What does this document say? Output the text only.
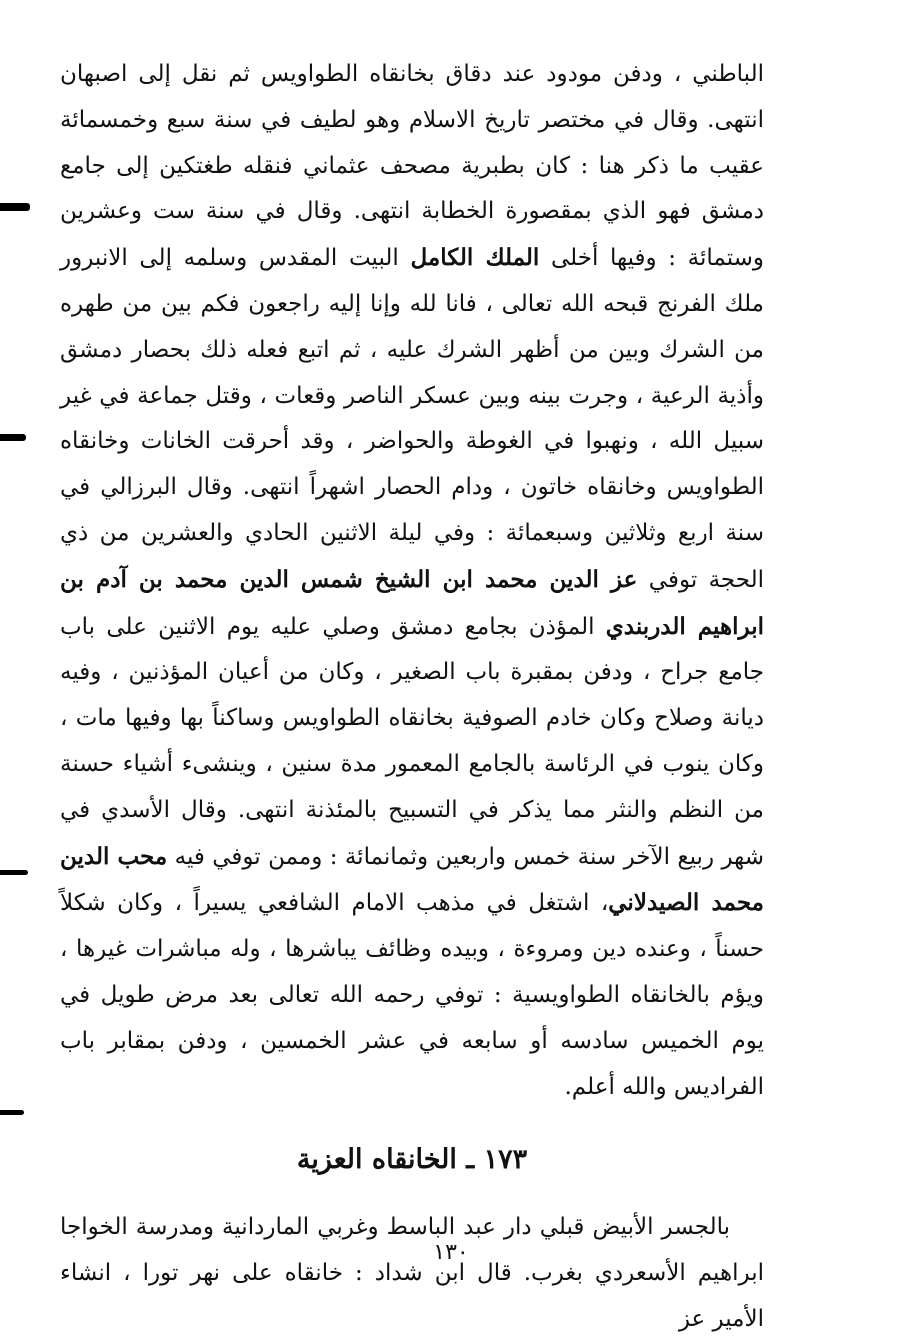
الباطني ، ودفن مودود عند دقاق بخانقاه الطواويس ثم نقل إلى اصبهان انتهى. وقال في مختصر تاريخ الاسلام وهو لطيف في سنة سبع وخمسمائة عقيب ما ذكر هنا : كان بطبرية مصحف عثماني فنقله طغتكين إلى جامع دمشق فهو الذي بمقصورة الخطابة انتهى. وقال في سنة ست وعشرين وستمائة : وفيها أخلى الملك الكامل البيت المقدس وسلمه إلى الانبرور ملك الفرنج قبحه الله تعالى ، فانا لله وإنا إليه راجعون فكم بين من طهره من الشرك وبين من أظهر الشرك عليه ، ثم اتبع فعله ذلك بحصار دمشق وأذية الرعية ، وجرت بينه وبين عسكر الناصر وقعات ، وقتل جماعة في غير سبيل الله ، ونهبوا في الغوطة والحواضر ، وقد أحرقت الخانات وخانقاه الطواويس وخانقاه خاتون ، ودام الحصار اشهراً انتهى. وقال البرزالي في سنة اربع وثلاثين وسبعمائة : وفي ليلة الاثنين الحادي والعشرين من ذي الحجة توفي عز الدين محمد ابن الشيخ شمس الدين محمد بن آدم بن ابراهيم الدربندي المؤذن بجامع دمشق وصلي عليه يوم الاثنين على باب جامع جراح ، ودفن بمقبرة باب الصغير ، وكان من أعيان المؤذنين ، وفيه ديانة وصلاح وكان خادم الصوفية بخانقاه الطواويس وساكناً بها وفيها مات ، وكان ينوب في الرئاسة بالجامع المعمور مدة سنين ، وينشىء أشياء حسنة من النظم والنثر مما يذكر في التسبيح بالمئذنة انتهى. وقال الأسدي في شهر ربيع الآخر سنة خمس واربعين وثمانمائة : وممن توفي فيه محب الدين محمد الصيدلاني، اشتغل في مذهب الامام الشافعي يسيراً ، وكان شكلاً حسناً ، وعنده دين ومروءة ، وبيده وظائف يباشرها ، وله مباشرات غيرها ، ويؤم بالخانقاه الطواويسية : توفي رحمه الله تعالى بعد مرض طويل في يوم الخميس سادسه أو سابعه في عشر الخمسين ، ودفن بمقابر باب الفراديس والله أعلم.

١٧٣ ـ الخانقاه العزية

بالجسر الأبيض قبلي دار عبد الباسط وغربي الماردانية ومدرسة الخواجا ابراهيم الأسعردي بغرب. قال ابن شداد : خانقاه على نهر تورا ، انشاء الأمير عز

١٣٠
